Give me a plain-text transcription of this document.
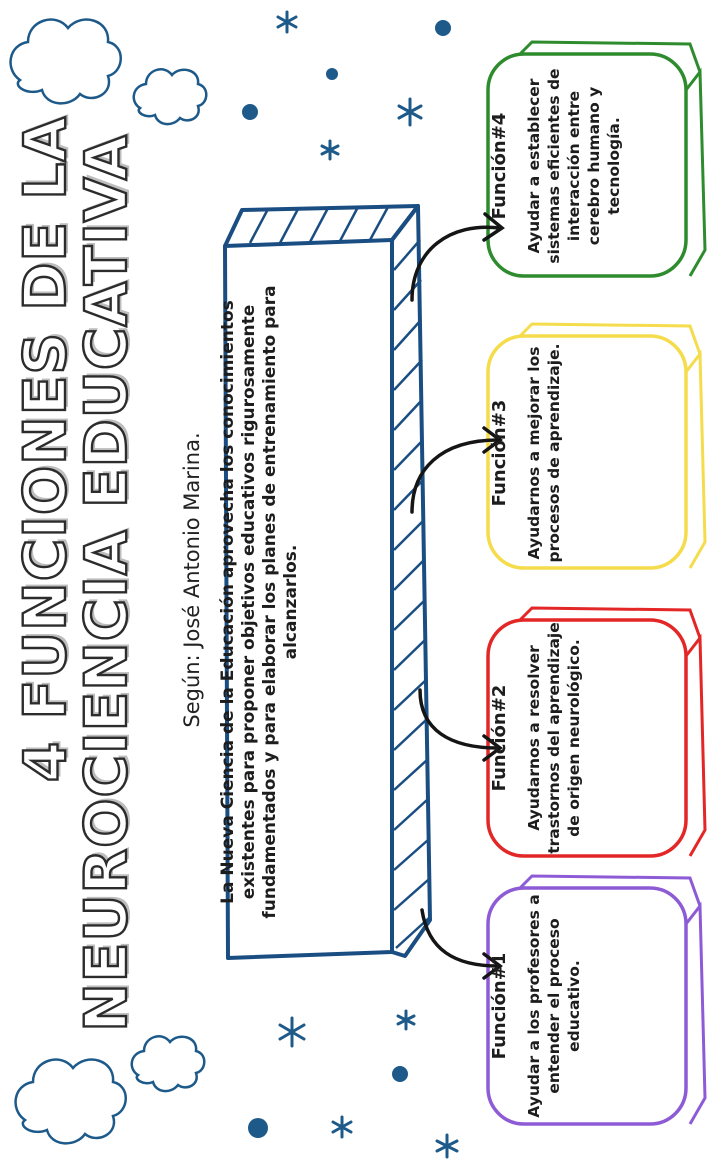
4 FUNCIONES DE LA
NEUROCIENCIA EDUCATIVA Según: José Antonio Marina. La Nueva Ciencia de la Educación aprovecha los conocimientos existentes para proponer objetivos educativos rigurosamente fundamentados y para elaborar los planes de entrenamiento para alcanzarlos.
Función#4 Ayudar a establecer sistemas eficientes de interacción entre cerebro humano y tecnología.
Función#3 Ayudarnos a mejorar los procesos de aprendizaje.
Función#2 Ayudarnos a resolver trastornos del aprendizaje de origen neurológico.
Función#1 Ayudar a los profesores a entender el proceso educativo.
